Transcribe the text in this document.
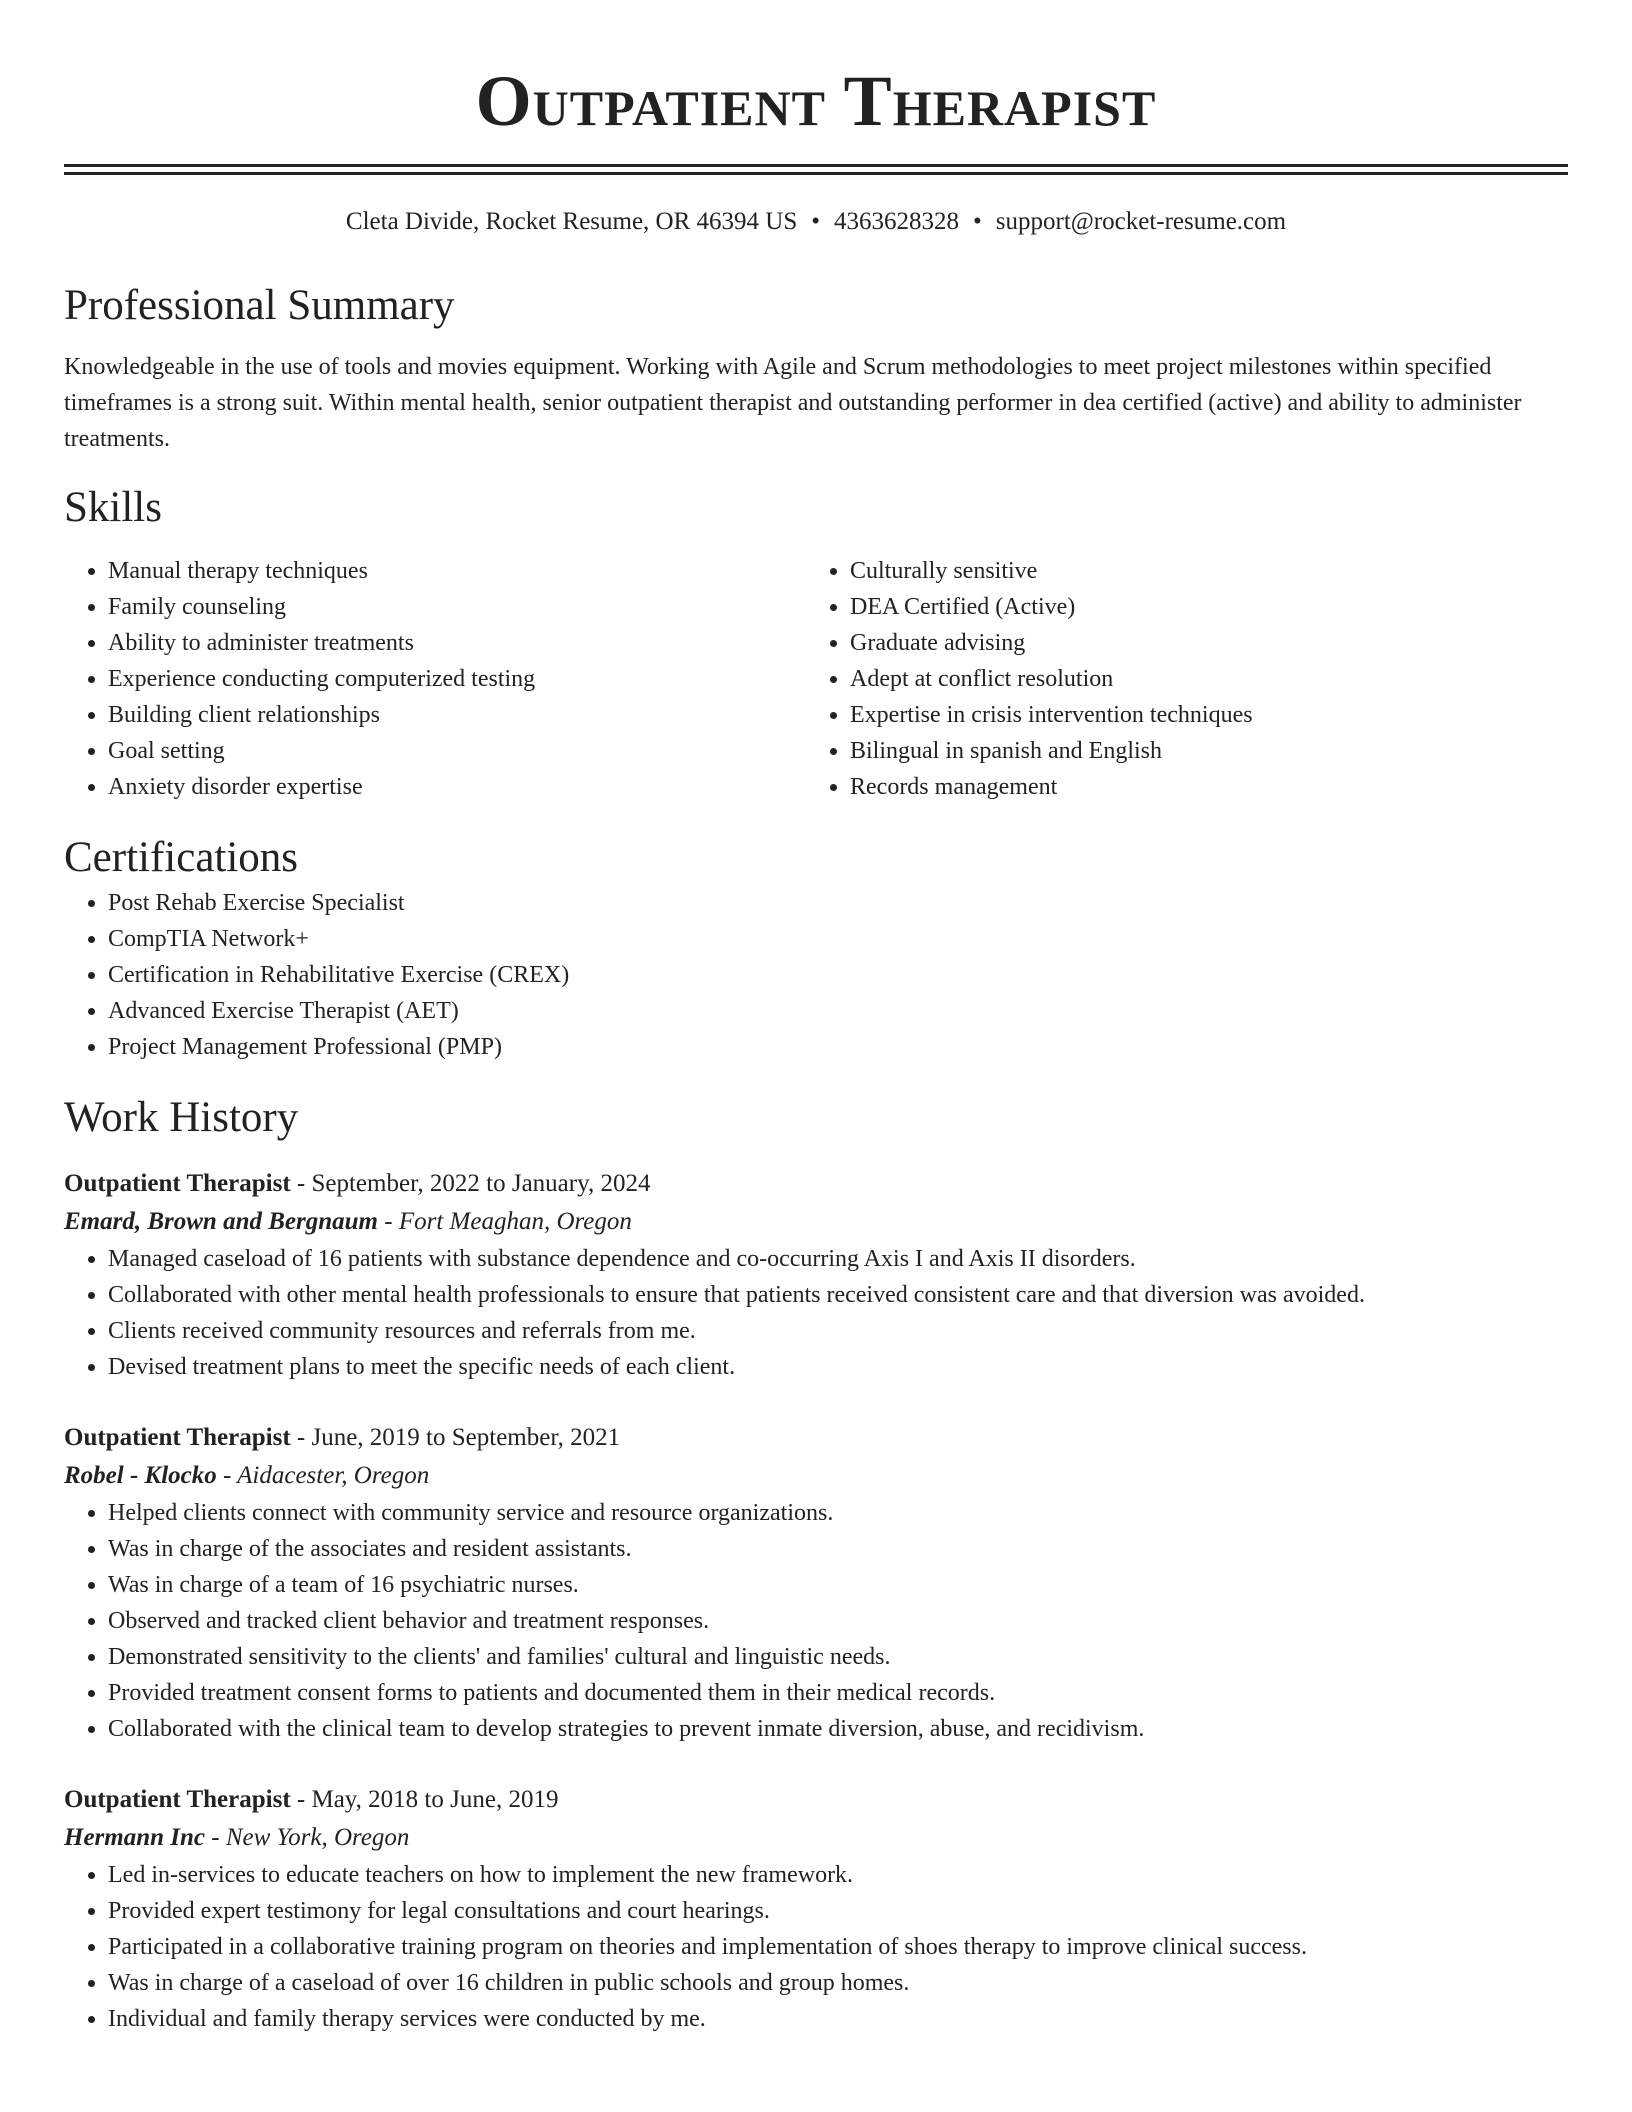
Outpatient Therapist
Cleta Divide, Rocket Resume, OR 46394 US • 4363628328 • support@rocket-resume.com
Professional Summary

Knowledgeable in the use of tools and movies equipment. Working with Agile and Scrum methodologies to meet project milestones within specified timeframes is a strong suit. Within mental health, senior outpatient therapist and outstanding performer in dea certified (active) and ability to administer treatments.

Skills
• Manual therapy techniques
• Family counseling
• Ability to administer treatments
• Experience conducting computerized testing
• Building client relationships
• Goal setting
• Anxiety disorder expertise
• Culturally sensitive
• DEA Certified (Active)
• Graduate advising
• Adept at conflict resolution
• Expertise in crisis intervention techniques
• Bilingual in spanish and English
• Records management
Certifications
• Post Rehab Exercise Specialist
• CompTIA Network+
• Certification in Rehabilitative Exercise (CREX)
• Advanced Exercise Therapist (AET)
• Project Management Professional (PMP)
Work History
Outpatient Therapist - September, 2022 to January, 2024
Emard, Brown and Bergnaum - Fort Meaghan, Oregon
• Managed caseload of 16 patients with substance dependence and co-occurring Axis I and Axis II disorders.
• Collaborated with other mental health professionals to ensure that patients received consistent care and that diversion was avoided.
• Clients received community resources and referrals from me.
• Devised treatment plans to meet the specific needs of each client.
Outpatient Therapist - June, 2019 to September, 2021
Robel - Klocko - Aidacester, Oregon
• Helped clients connect with community service and resource organizations.
• Was in charge of the associates and resident assistants.
• Was in charge of a team of 16 psychiatric nurses.
• Observed and tracked client behavior and treatment responses.
• Demonstrated sensitivity to the clients' and families' cultural and linguistic needs.
• Provided treatment consent forms to patients and documented them in their medical records.
• Collaborated with the clinical team to develop strategies to prevent inmate diversion, abuse, and recidivism.
Outpatient Therapist - May, 2018 to June, 2019
Hermann Inc - New York, Oregon
• Led in-services to educate teachers on how to implement the new framework.
• Provided expert testimony for legal consultations and court hearings.
• Participated in a collaborative training program on theories and implementation of shoes therapy to improve clinical success.
• Was in charge of a caseload of over 16 children in public schools and group homes.
• Individual and family therapy services were conducted by me.
